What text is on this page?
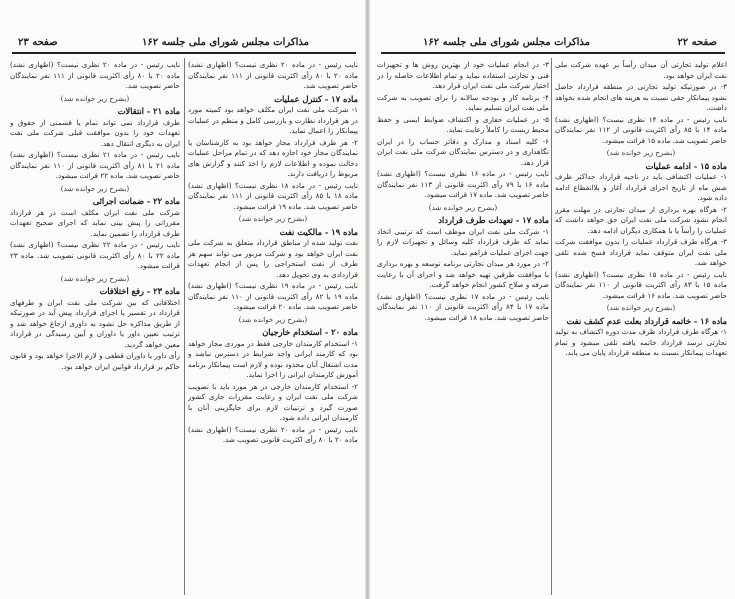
صفحه ۲۳	مذاکرات مجلس شورای ملی جلسه ۱۶۲
نایب رئیس - در ماده ۲۰ نظری نیست؟ (اظهاری نشد) ماده ۲۰ با ۸۰ رأی اکثریت قانونی از ۱۱۱ نفر نمایندگان حاضر تصویب شد.
ماده ۱۷ - کنترل عملیات
۱- شرکت ملی نفت ایران مکلف خواهد بود کمیته مورد در هر قرارداد نظارت و بازرسی کامل و منظم در عملیات پیمانکار را اعمال نماید.
۲- هر طرف قرارداد مجاز خواهد بود به کارشناسان یا نمایندگان مجاز خود اجازه دهد که در تمام مراحل عملیات دخالت نموده و اطلاعات لازم را اخذ کنند و گزارش های مربوط را دریافت دارند.
نایب رئیس - در ماده ۱۸ نظری نیست؟ (اظهاری نشد) ماده ۱۸ با ۸۵ رأی اکثریت قانونی از ۱۱۱ نفر نمایندگان حاضر تصویب شد. ماده ۱۹ قرائت میشود.
(بشرح زیر خوانده شد)
ماده ۱۹ - مالکیت نفت
نفت تولید شده از مناطق قرارداد متعلق به شرکت ملی نفت ایران خواهد بود و شرکت مزبور می تواند سهم هر طرف از نفت استخراجی را پس از انجام تعهدات قراردادی به وی تحویل دهد.
نایب رئیس - در ماده ۱۹ نظری نیست؟ (اظهاری نشد) ماده ۱۹ با ۸۲ رأی اکثریت قانونی از ۱۱۰ نفر نمایندگان حاضر تصویب شد. ماده ۲۰ قرائت میشود.
(بشرح زیر خوانده شد)
ماده ۲۰ - استخدام خارجیان
۱- استخدام کارمندان خارجی فقط در موردی مجاز خواهد بود که کارمند ایرانی واجد شرایط در دسترس نباشد و مدت اشتغال آنان محدود بوده و لازم است پیمانکار برنامه آموزش کارمندان ایرانی را اجرا نماید.
۲- استخدام کارمندان خارجی در هر مورد باید با تصویب شرکت ملی نفت ایران و رعایت مقررات جاری کشور صورت گیرد و ترتیبات لازم برای جایگزینی آنان با کارمندان ایرانی داده شود.
نایب رئیس - در ماده ۲۰ نظری نیست؟ (اظهاری نشد) ماده ۲۰ با ۸۰ رأی اکثریت قانونی تصویب شد.
نایب رئیس - در ماده ۲۰ نظری نیست؟ (اظهاری نشد) ماده ۲۰ با ۸۰ رأی اکثریت قانونی از ۱۱۱ نفر نمایندگان حاضر تصویب شد.
(بشرح زیر خوانده شد)
ماده ۲۱ - انتقالات
طرف قرارداد نمی تواند تمام یا قسمتی از حقوق و تعهدات خود را بدون موافقت قبلی شرکت ملی نفت ایران به دیگری انتقال دهد.
نایب رئیس - در ماده ۲۱ نظری نیست؟ (اظهاری نشد) ماده ۲۱ با ۸۱ رأی اکثریت قانونی از ۱۱۰ نفر نمایندگان حاضر تصویب شد. ماده ۲۲ قرائت میشود.
(بشرح زیر خوانده شد)
ماده ۲۲ - ضمانت اجرائی
شرکت ملی نفت ایران مکلف است در هر قرارداد مقرراتی را پیش بینی نماید که اجرای صحیح تعهدات طرف قرارداد را تضمین نماید.
نایب رئیس - در ماده ۲۲ نظری نیست؟ (اظهاری نشد) ماده ۲۲ با ۸۰ رأی اکثریت قانونی تصویب شد. ماده ۲۳ قرائت میشود.
(بشرح زیر خوانده شد)
ماده ۲۳ - رفع اختلافات
اختلافاتی که بین شرکت ملی نفت ایران و طرفهای قرارداد در تفسیر یا اجرای قرارداد پیش آید در صورتیکه از طریق مذاکره حل نشود به داوری ارجاع خواهد شد و ترتیب تعیین داور یا داوران و آیین رسیدگی در قرارداد معین خواهد گردید.
رأی داور یا داوران قطعی و لازم الاجرا خواهد بود و قانون حاکم بر قرارداد قوانین ایران خواهد بود.
صفحه ۲۲
مذاکرات مجلس شورای ملی جلسه ۱۶۲
اعلام تولید تجارتی آن میدان رأساً بر عهده شرکت ملی نفت ایران خواهد بود.
۳- در صورتیکه تولید تجارتی در منطقه قرارداد حاصل نشود پیمانکار حقی نسبت به هزینه های انجام شده نخواهد داشت.
نایب رئیس - در ماده ۱۴ نظری نیست؟ (اظهاری نشد) ماده ۱۴ با ۸۵ رأی اکثریت قانونی از ۱۱۲ نفر نمایندگان حاضر تصویب شد. ماده ۱۵ قرائت میشود.
(بشرح زیر خوانده شد)
ماده ۱۵ - ادامه عملیات
۱- عملیات اکتشافی باید در ناحیه قرارداد حداکثر ظرف شش ماه از تاریخ اجرای قرارداد آغاز و بلاانقطاع ادامه داده شود.
۲- هرگاه بهره برداری از میدان تجارتی در مهلت مقرر انجام نشود شرکت ملی نفت ایران حق خواهد داشت که عملیات را رأساً یا با همکاری دیگران ادامه دهد.
۳- هرگاه طرف قرارداد عملیات را بدون موافقت شرکت ملی نفت ایران متوقف نماید قرارداد فسخ شده تلقی خواهد شد.
نایب رئیس - در ماده ۱۵ نظری نیست؟ (اظهاری نشد) ماده ۱۵ با ۸۳ رأی اکثریت قانونی از ۱۱۰ نفر نمایندگان حاضر تصویب شد. ماده ۱۶ قرائت میشود.
(بشرح زیر خوانده شد)
ماده ۱۶ - خاتمه قرارداد بعلت عدم کشف نفت
۱- هرگاه طرف قرارداد ظرف مدت دوره اکتشاف به تولید تجارتی نرسد قرارداد خاتمه یافته تلقی میشود و تمام تعهدات پیمانکار نسبت به منطقه قرارداد پایان می یابد.
۳- در انجام عملیات خود از بهترین روش ها و تجهیزات فنی و تجارتی استفاده نماید و تمام اطلاعات حاصله را در اختیار شرکت ملی نفت ایران قرار دهد.
۴- برنامه کار و بودجه سالانه را برای تصویب به شرکت ملی نفت ایران تسلیم نماید.
۵- در عملیات حفاری و اکتشاف ضوابط ایمنی و حفظ محیط زیست را کاملاً رعایت نماید.
۶- کلیه اسناد و مدارک و دفاتر حساب را در ایران نگاهداری و در دسترس نمایندگان شرکت ملی نفت ایران قرار دهد.
نایب رئیس - در ماده ۱۶ نظری نیست؟ (اظهاری نشد) ماده ۱۶ با ۷۹ رأی اکثریت قانونی از ۱۱۳ نفر نمایندگان حاضر تصویب شد. ماده ۱۷ قرائت میشود.
(بشرح زیر خوانده شد)
ماده ۱۷ - تعهدات طرف قرارداد
۱- شرکت ملی نفت ایران موظف است که ترتیبی اتخاذ نماید که طرف قرارداد کلیه وسائل و تجهیزات لازم را جهت اجرای عملیات فراهم نماید.
۲- در مورد هر میدان تجارتی برنامه توسعه و بهره برداری با موافقت طرفین تهیه خواهد شد و اجرای آن با رعایت صرفه و صلاح کشور انجام خواهد گرفت.
نایب رئیس - در ماده ۱۷ نظری نیست؟ (اظهاری نشد) ماده ۱۷ با ۸۴ رأی اکثریت قانونی از ۱۱۰ نفر نمایندگان حاضر تصویب شد. ماده ۱۸ قرائت میشود.
